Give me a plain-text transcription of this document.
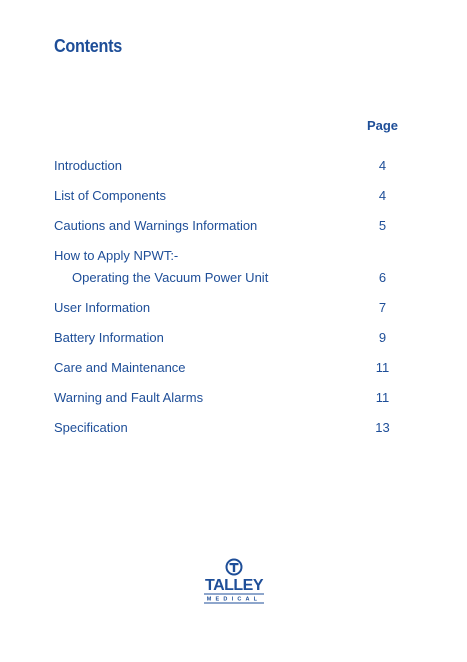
Contents
Page
Introduction	4
List of Components	4
Cautions and Warnings Information	5
How to Apply NPWT:-
Operating the Vacuum Power Unit	6
User Information	7
Battery Information	9
Care and Maintenance	11
Warning and Fault Alarms	11
Specification	13
TALLEY
MEDICAL
